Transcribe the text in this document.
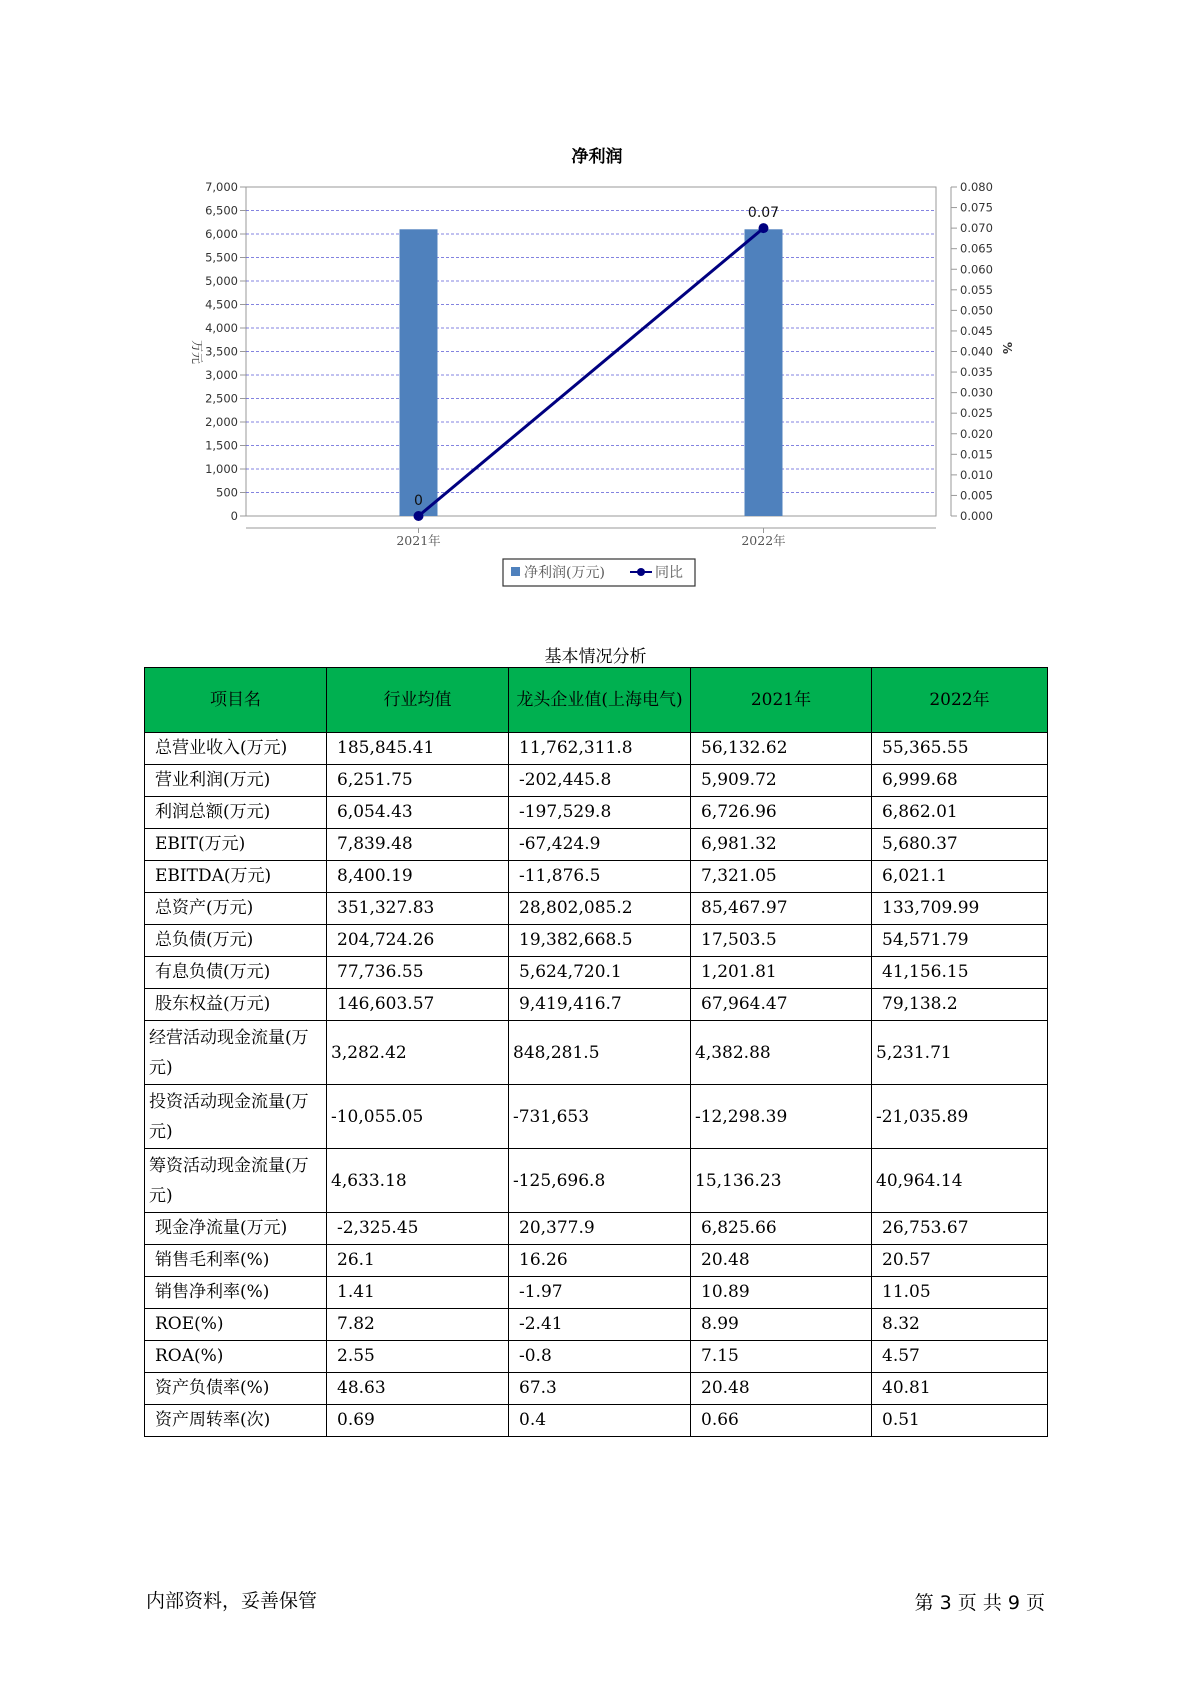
净利润
0
500
1,000
1,500
2,000
2,500
3,000
3,500
4,000
4,500
5,000
5,500
6,000
6,500
7,000
0.000
0.005
0.010
0.015
0.020
0.025
0.030
0.035
0.040
0.045
0.050
0.055
0.060
0.065
0.070
0.075
0.080
0
0.07
2021年	2022年
万元	%
净利润(万元)	同比
基本情况分析
项目名	行业均值	龙头企业值(上海电气)	2021年	2022年
总营业收入(万元)	185,845.41	11,762,311.8	56,132.62	55,365.55
营业利润(万元)	6,251.75	-202,445.8	5,909.72	6,999.68
利润总额(万元)	6,054.43	-197,529.8	6,726.96	6,862.01
EBIT(万元)	7,839.48	-67,424.9	6,981.32	5,680.37
EBITDA(万元)	8,400.19	-11,876.5	7,321.05	6,021.1
总资产(万元)	351,327.83	28,802,085.2	85,467.97	133,709.99
总负债(万元)	204,724.26	19,382,668.5	17,503.5	54,571.79
有息负债(万元)	77,736.55	5,624,720.1	1,201.81	41,156.15
股东权益(万元)	146,603.57	9,419,416.7	67,964.47	79,138.2
经营活动现金流量(万元)	3,282.42	848,281.5	4,382.88	5,231.71
投资活动现金流量(万元)	-10,055.05	-731,653	-12,298.39	-21,035.89
筹资活动现金流量(万元)	4,633.18	-125,696.8	15,136.23	40,964.14
现金净流量(万元)	-2,325.45	20,377.9	6,825.66	26,753.67
销售毛利率(%)	26.1	16.26	20.48	20.57
销售净利率(%)	1.41	-1.97	10.89	11.05
ROE(%)	7.82	-2.41	8.99	8.32
ROA(%)	2.55	-0.8	7.15	4.57
资产负债率(%)	48.63	67.3	20.48	40.81
资产周转率(次)	0.69	0.4	0.66	0.51
内部资料，妥善保管	第 3 页 共 9 页
